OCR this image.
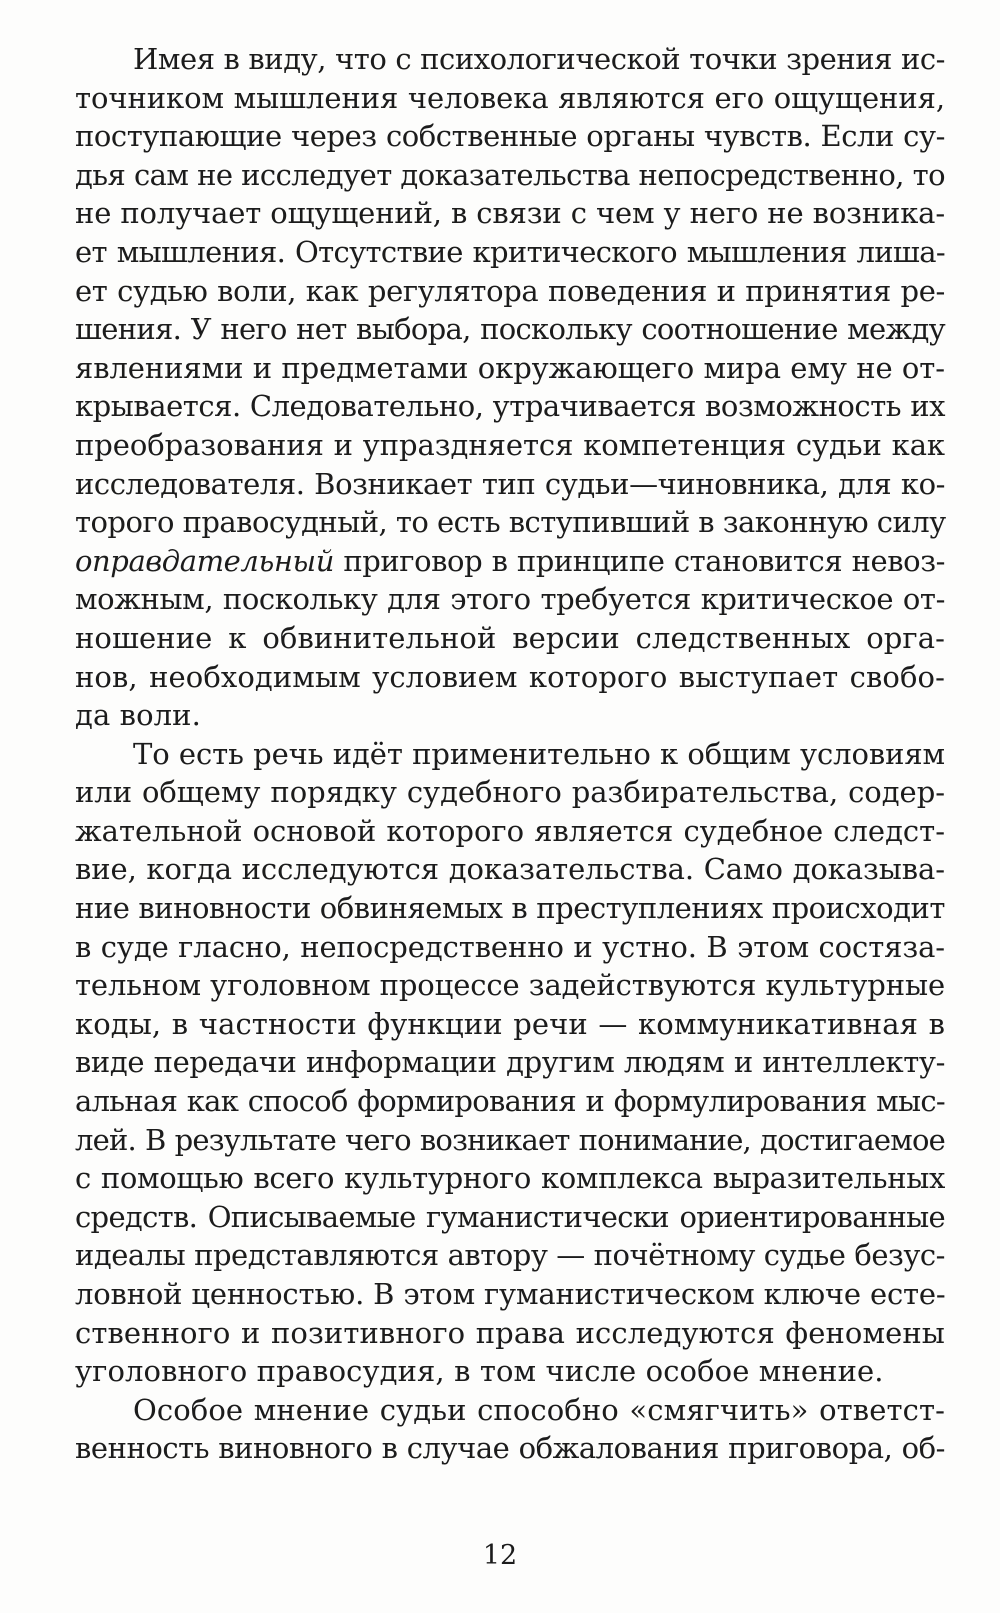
Имея в виду, что с психологической точки зрения ис-
точником мышления человека являются его ощущения,
поступающие через собственные органы чувств. Если су-
дья сам не исследует доказательства непосредственно, то
не получает ощущений, в связи с чем у него не возника-
ет мышления. Отсутствие критического мышления лиша-
ет судью воли, как регулятора поведения и принятия ре-
шения. У него нет выбора, поскольку соотношение между
явлениями и предметами окружающего мира ему не от-
крывается. Следовательно, утрачивается возможность их
преобразования и упраздняется компетенция судьи как
исследователя. Возникает тип судьи—чиновника, для ко-
торого правосудный, то есть вступивший в законную силу
оправдательный приговор в принципе становится невоз-
можным, поскольку для этого требуется критическое от-
ношение к обвинительной версии следственных орга-
нов, необходимым условием которого выступает свобо-
да воли.
То есть речь идёт применительно к общим условиям
или общему порядку судебного разбирательства, содер-
жательной основой которого является судебное следст-
вие, когда исследуются доказательства. Само доказыва-
ние виновности обвиняемых в преступлениях происходит
в суде гласно, непосредственно и устно. В этом состяза-
тельном уголовном процессе задействуются культурные
коды, в частности функции речи — коммуникативная в
виде передачи информации другим людям и интеллекту-
альная как способ формирования и формулирования мыс-
лей. В результате чего возникает понимание, достигаемое
с помощью всего культурного комплекса выразительных
средств. Описываемые гуманистически ориентированные
идеалы представляются автору — почётному судье безус-
ловной ценностью. В этом гуманистическом ключе есте-
ственного и позитивного права исследуются феномены
уголовного правосудия, в том числе особое мнение.
Особое мнение судьи способно «смягчить» ответст-
венность виновного в случае обжалования приговора, об-
12
